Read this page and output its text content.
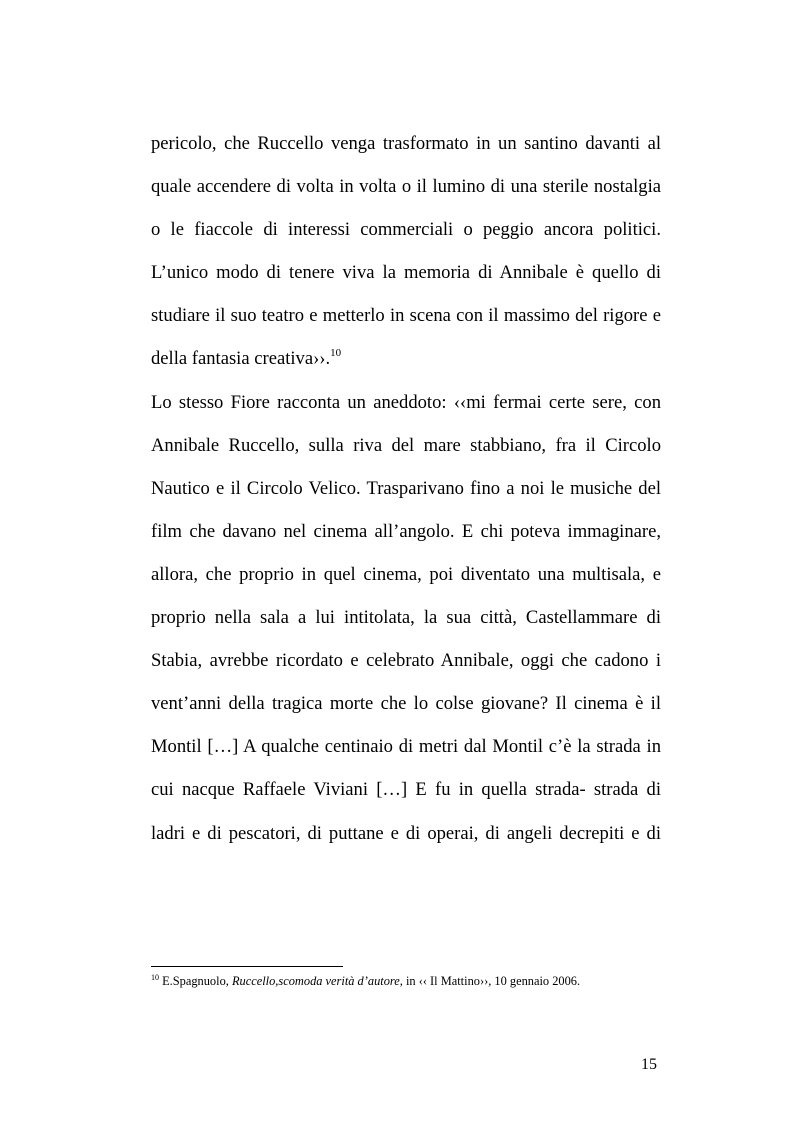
pericolo, che Ruccello venga trasformato in un santino davanti al
quale accendere di volta in volta o il lumino di una sterile nostalgia
o le fiaccole di interessi commerciali o peggio ancora politici.
L’unico modo di tenere viva la memoria di Annibale è quello di
studiare il suo teatro e metterlo in scena con il massimo del rigore e
della fantasia creativa››.$^{10}$
Lo stesso Fiore racconta un aneddoto: ‹‹mi fermai certe sere, con
Annibale Ruccello, sulla riva del mare stabbiano, fra il Circolo
Nautico e il Circolo Velico. Trasparivano fino a noi le musiche del
film che davano nel cinema all’angolo. E chi poteva immaginare,
allora, che proprio in quel cinema, poi diventato una multisala, e
proprio nella sala a lui intitolata, la sua città, Castellammare di
Stabia, avrebbe ricordato e celebrato Annibale, oggi che cadono i
vent’anni della tragica morte che lo colse giovane? Il cinema è il
Montil […] A qualche centinaio di metri dal Montil c’è la strada in
cui nacque Raffaele Viviani […] E fu in quella strada- strada di
ladri e di pescatori, di puttane e di operai, di angeli decrepiti e di
$^{10}$ E.Spagnuolo, Ruccello,scomoda verità d’autore, in ‹‹ Il Mattino››, 10 gennaio 2006.
15
